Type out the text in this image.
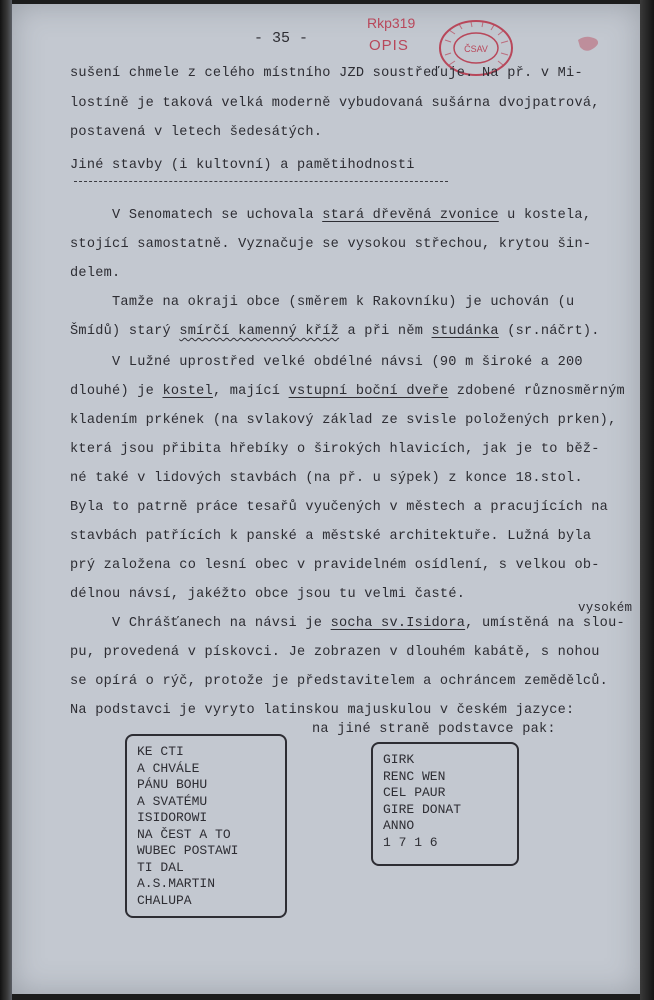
- 35 -
Rkp319
OPIS	ČSAV
sušení chmele z celého místního JZD soustřeďuje. Na př. v Mi-
lostíně je taková velká moderně vybudovaná sušárna dvojpatrová,
postavená v letech šedesátých.
Jiné stavby (i kultovní) a pamětihodnosti
V Senomatech se uchovala stará dřevěná zvonice u kostela,
stojící samostatně. Vyznačuje se vysokou střechou, krytou šin-
delem.
Tamže na okraji obce (směrem k Rakovníku) je uchován (u
Šmídů) starý smírčí kamenný kříž a při něm studánka (sr.náčrt).
V Lužné uprostřed velké obdélné návsi (90 m široké a 200
dlouhé) je kostel, mající vstupní boční dveře zdobené různosměrným
kladením prkének (na svlakový základ ze svisle položených prken),
která jsou přibita hřebíky o širokých hlavicích, jak je to běž-
né také v lidových stavbách (na př. u sýpek) z konce 18.stol.
Byla to patrně práce tesařů vyučených v městech a pracujících na
stavbách patřících k panské a městské architektuře. Lužná byla
prý založena co lesní obec v pravidelném osídlení, s velkou ob-
délnou návsí, jakéžto obce jsou tu velmi časté.
vysokém
V Chrášťanech na návsi je socha sv.Isidora, umístěná na slou-
pu, provedená v pískovci. Je zobrazen v dlouhém kabátě, s nohou
se opírá o rýč, protože je představitelem a ochráncem zemědělců.
Na podstavci je vyryto latinskou majuskulou v českém jazyce:
na jiné straně podstavce pak:
KE CTI
A CHVÁLE
PÁNU BOHU
A SVATÉMU
ISIDOROWI
NA ČEST A TO
WUBEC POSTAWI
TI DAL
A.S.MARTIN
CHALUPA
GIRK
RENC WEN
CEL PAUR
GIRE DONAT
ANNO
1 7 1 6
